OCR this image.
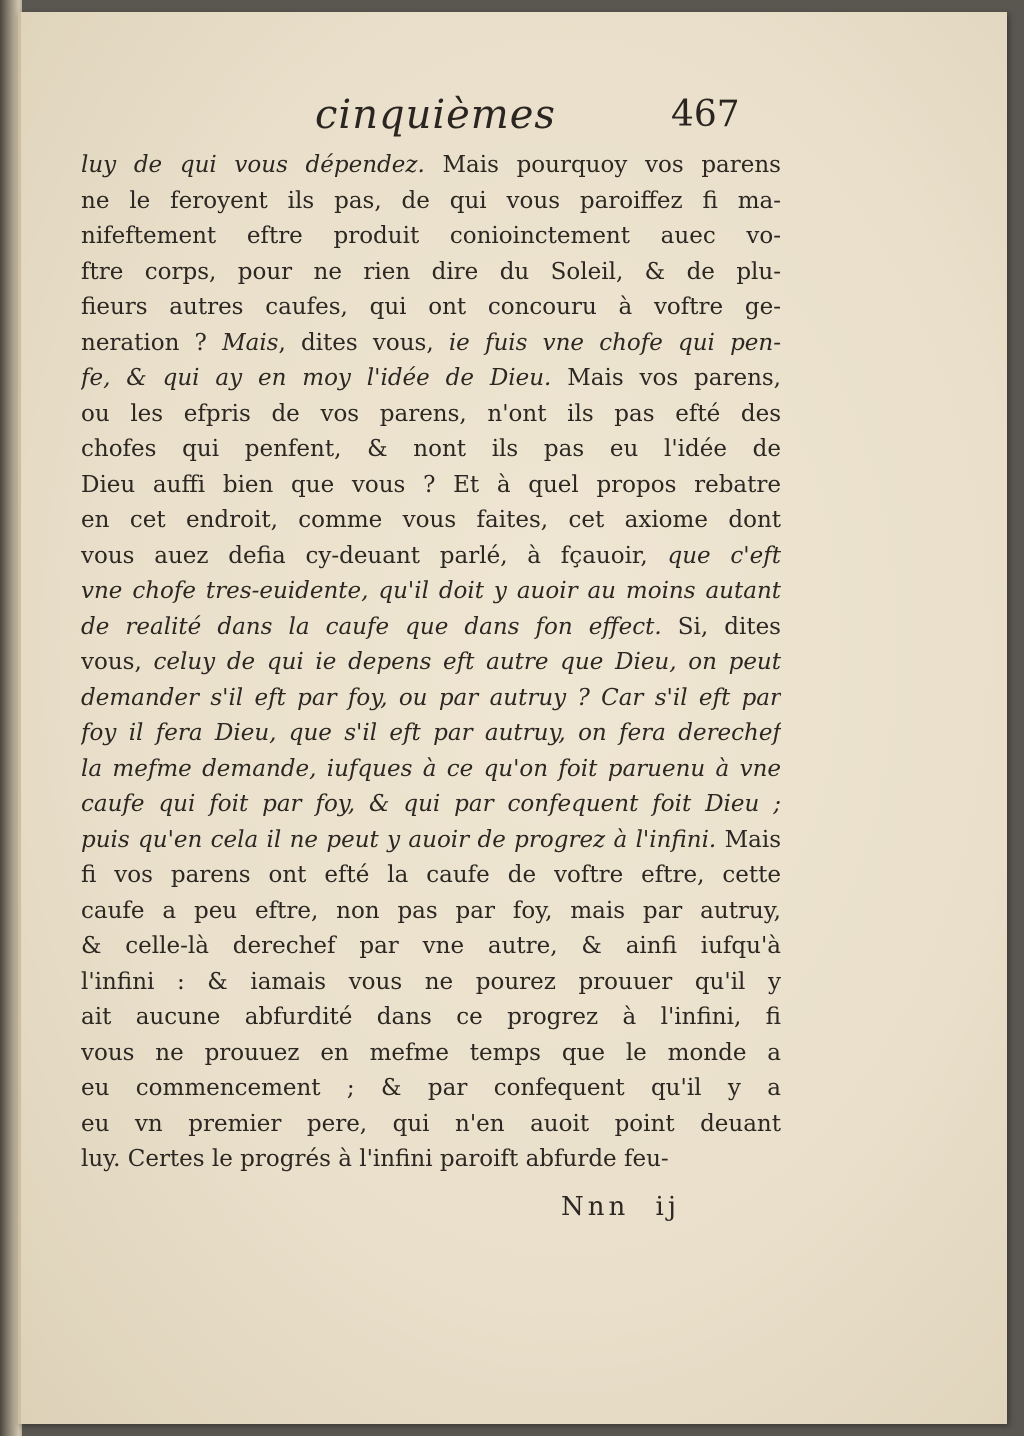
cinquièmes	467
luy de qui vous dépendez. Mais pourquoy vos parens
ne le feroyent ils pas, de qui vous paroiffez fi ma-
nifeftement eftre produit conioinctement auec vo-
ftre corps, pour ne rien dire du Soleil, & de plu-
fieurs autres caufes, qui ont concouru à voftre ge-
neration ? Mais, dites vous, ie fuis vne chofe qui pen-
fe, & qui ay en moy l'idée de Dieu. Mais vos parens,
ou les efpris de vos parens, n'ont ils pas efté des
chofes qui penfent, & nont ils pas eu l'idée de
Dieu auffi bien que vous ? Et à quel propos rebatre
en cet endroit, comme vous faites, cet axiome dont
vous auez defia cy-deuant parlé, à fçauoir, que c'eft
vne chofe tres-euidente, qu'il doit y auoir au moins autant
de realité dans la caufe que dans fon effect. Si, dites
vous, celuy de qui ie depens eft autre que Dieu, on peut
demander s'il eft par foy, ou par autruy ? Car s'il eft par
foy il fera Dieu, que s'il eft par autruy, on fera derechef
la mefme demande, iufques à ce qu'on foit paruenu à vne
caufe qui foit par foy, & qui par confequent foit Dieu ;
puis qu'en cela il ne peut y auoir de progrez à l'infini. Mais
fi vos parens ont efté la caufe de voftre eftre, cette
caufe a peu eftre, non pas par foy, mais par autruy,
& celle-là derechef par vne autre, & ainfi iufqu'à
l'infini : & iamais vous ne pourez prouuer qu'il y
ait aucune abfurdité dans ce progrez à l'infini, fi
vous ne prouuez en mefme temps que le monde a
eu commencement ; & par confequent qu'il y a
eu vn premier pere, qui n'en auoit point deuant
luy. Certes le progrés à l'infini paroift abfurde feu-
Nnn ij
